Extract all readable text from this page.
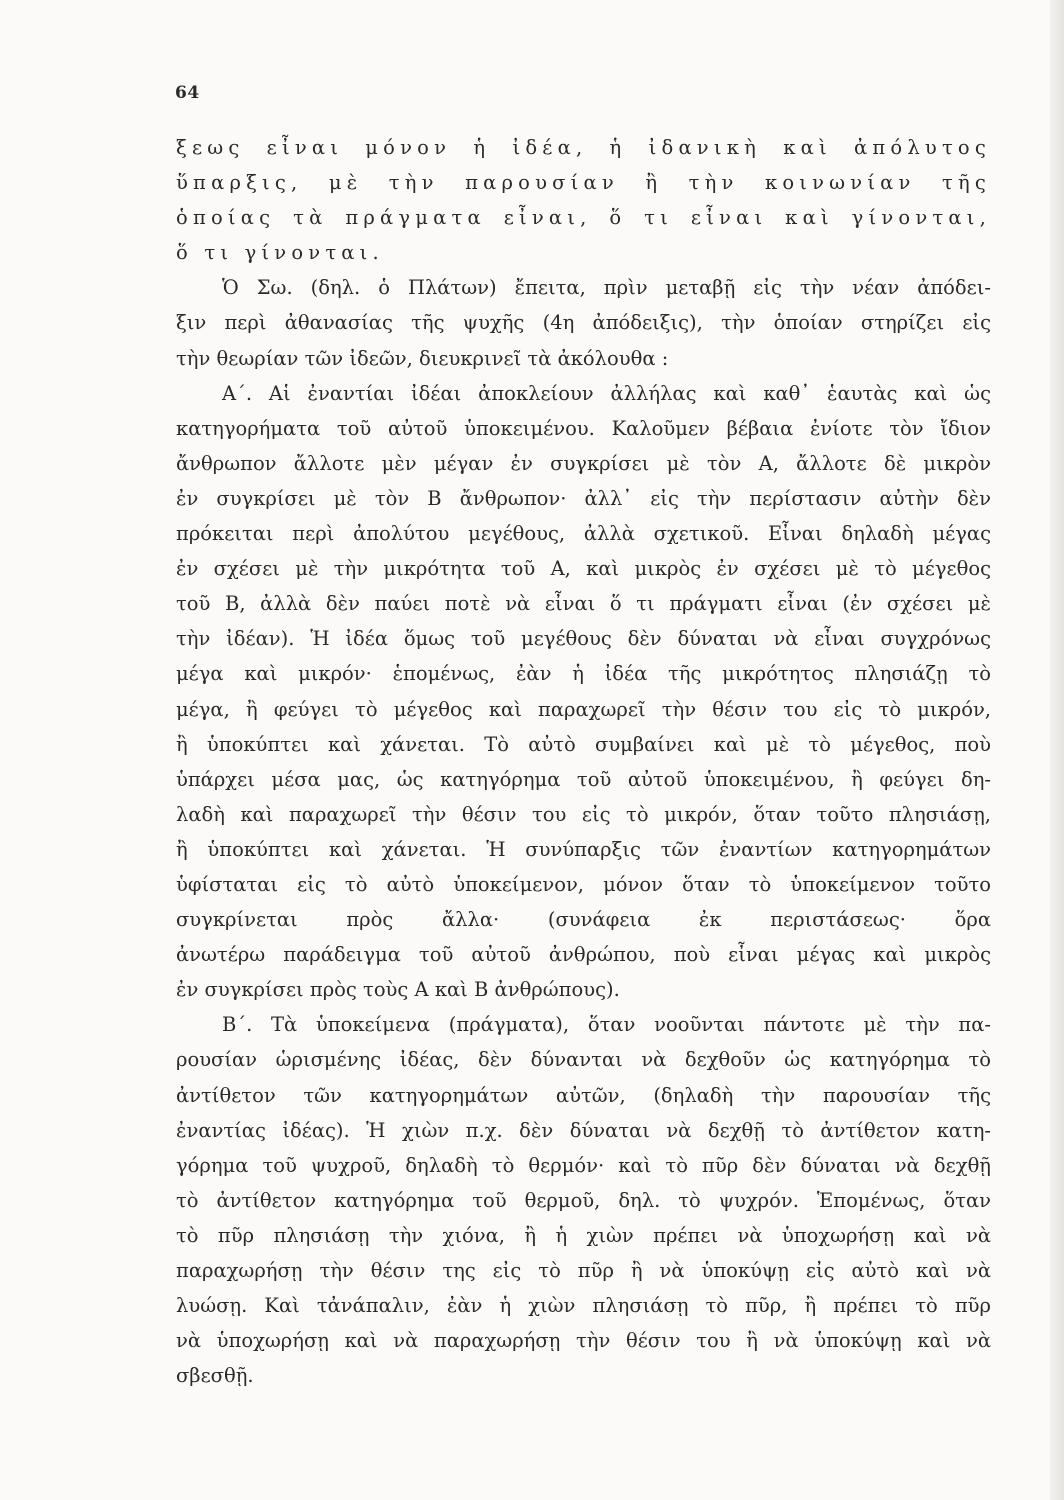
64
ξεως εἶναι μόνον ἡ ἰδέα, ἡ ἰδανικὴ καὶ ἀπόλυτος
ὕπαρξις, μὲ τὴν παρουσίαν ἢ τὴν κοινωνίαν τῆς
ὁποίας τὰ πράγματα εἶναι, ὅ τι εἶναι καὶ γίνονται,
ὅ τι γίνονται.
Ὁ Σω. (δηλ. ὁ Πλάτων) ἔπειτα, πρὶν μεταβῇ εἰς τὴν νέαν ἀπόδει-
ξιν περὶ ἀθανασίας τῆς ψυχῆς (4η ἀπόδειξις), τὴν ὁποίαν στηρίζει εἰς
τὴν θεωρίαν τῶν ἰδεῶν, διευκρινεῖ τὰ ἀκόλουθα :
Α΄. Αἱ ἐναντίαι ἰδέαι ἀποκλείουν ἀλλήλας καὶ καθ᾽ ἑαυτὰς καὶ ὡς
κατηγορήματα τοῦ αὐτοῦ ὑποκειμένου. Καλοῦμεν βέβαια ἐνίοτε τὸν ἴδιον
ἄνθρωπον ἄλλοτε μὲν μέγαν ἐν συγκρίσει μὲ τὸν Α, ἄλλοτε δὲ μικρὸν
ἐν συγκρίσει μὲ τὸν Β ἄνθρωπον· ἀλλ᾽ εἰς τὴν περίστασιν αὐτὴν δὲν
πρόκειται περὶ ἀπολύτου μεγέθους, ἀλλὰ σχετικοῦ. Εἶναι δηλαδὴ μέγας
ἐν σχέσει μὲ τὴν μικρότητα τοῦ Α, καὶ μικρὸς ἐν σχέσει μὲ τὸ μέγεθος
τοῦ Β, ἀλλὰ δὲν παύει ποτὲ νὰ εἶναι ὅ τι πράγματι εἶναι (ἐν σχέσει μὲ
τὴν ἰδέαν). Ἡ ἰδέα ὅμως τοῦ μεγέθους δὲν δύναται νὰ εἶναι συγχρόνως
μέγα καὶ μικρόν· ἑπομένως, ἐὰν ἡ ἰδέα τῆς μικρότητος πλησιάζῃ τὸ
μέγα, ἢ φεύγει τὸ μέγεθος καὶ παραχωρεῖ τὴν θέσιν του εἰς τὸ μικρόν,
ἢ ὑποκύπτει καὶ χάνεται. Τὸ αὐτὸ συμβαίνει καὶ μὲ τὸ μέγεθος, ποὺ
ὑπάρχει μέσα μας, ὡς κατηγόρημα τοῦ αὐτοῦ ὑποκειμένου, ἢ φεύγει δη-
λαδὴ καὶ παραχωρεῖ τὴν θέσιν του εἰς τὸ μικρόν, ὅταν τοῦτο πλησιάσῃ,
ἢ ὑποκύπτει καὶ χάνεται. Ἡ συνύπαρξις τῶν ἐναντίων κατηγορημάτων
ὑφίσταται εἰς τὸ αὐτὸ ὑποκείμενον, μόνον ὅταν τὸ ὑποκείμενον τοῦτο
συγκρίνεται πρὸς ἄλλα· (συνάφεια ἐκ περιστάσεως· ὅρα
ἀνωτέρω παράδειγμα τοῦ αὐτοῦ ἀνθρώπου, ποὺ εἶναι μέγας καὶ μικρὸς
ἐν συγκρίσει πρὸς τοὺς Α καὶ Β ἀνθρώπους).
Β΄. Τὰ ὑποκείμενα (πράγματα), ὅταν νοοῦνται πάντοτε μὲ τὴν πα-
ρουσίαν ὡρισμένης ἰδέας, δὲν δύνανται νὰ δεχθοῦν ὡς κατηγόρημα τὸ
ἀντίθετον τῶν κατηγορημάτων αὐτῶν, (δηλαδὴ τὴν παρουσίαν τῆς
ἐναντίας ἰδέας). Ἡ χιὼν π.χ. δὲν δύναται νὰ δεχθῇ τὸ ἀντίθετον κατη-
γόρημα τοῦ ψυχροῦ, δηλαδὴ τὸ θερμόν· καὶ τὸ πῦρ δὲν δύναται νὰ δεχθῇ
τὸ ἀντίθετον κατηγόρημα τοῦ θερμοῦ, δηλ. τὸ ψυχρόν. Ἑπομένως, ὅταν
τὸ πῦρ πλησιάσῃ τὴν χιόνα, ἢ ἡ χιὼν πρέπει νὰ ὑποχωρήσῃ καὶ νὰ
παραχωρήσῃ τὴν θέσιν της εἰς τὸ πῦρ ἢ νὰ ὑποκύψῃ εἰς αὐτὸ καὶ νὰ
λυώσῃ. Καὶ τἀνάπαλιν, ἐὰν ἡ χιὼν πλησιάσῃ τὸ πῦρ, ἢ πρέπει τὸ πῦρ
νὰ ὑποχωρήσῃ καὶ νὰ παραχωρήσῃ τὴν θέσιν του ἢ νὰ ὑποκύψῃ καὶ νὰ
σβεσθῇ.
